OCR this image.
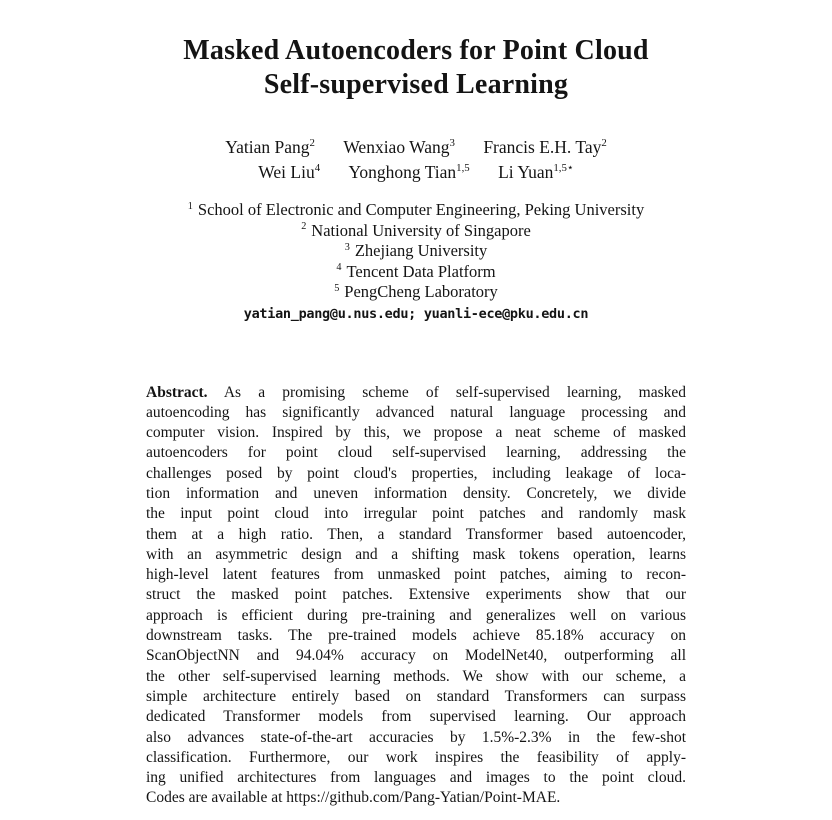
Masked Autoencoders for Point Cloud
Self-supervised Learning
Yatian Pang$^2$ Wenxiao Wang$^3$ Francis E.H. Tay$^2$
Wei Liu$^4$ Yonghong Tian$^{1,5}$ Li Yuan$^{1,5⋆}$
$^1$ School of Electronic and Computer Engineering, Peking University
$^2$ National University of Singapore
$^3$ Zhejiang University
$^4$ Tencent Data Platform
$^5$ PengCheng Laboratory
yatian_pang@u.nus.edu; yuanli-ece@pku.edu.cn
Abstract. As a promising scheme of self-supervised learning, masked
autoencoding has significantly advanced natural language processing and
computer vision. Inspired by this, we propose a neat scheme of masked
autoencoders for point cloud self-supervised learning, addressing the
challenges posed by point cloud's properties, including leakage of loca-
tion information and uneven information density. Concretely, we divide
the input point cloud into irregular point patches and randomly mask
them at a high ratio. Then, a standard Transformer based autoencoder,
with an asymmetric design and a shifting mask tokens operation, learns
high-level latent features from unmasked point patches, aiming to recon-
struct the masked point patches. Extensive experiments show that our
approach is efficient during pre-training and generalizes well on various
downstream tasks. The pre-trained models achieve 85.18% accuracy on
ScanObjectNN and 94.04% accuracy on ModelNet40, outperforming all
the other self-supervised learning methods. We show with our scheme, a
simple architecture entirely based on standard Transformers can surpass
dedicated Transformer models from supervised learning. Our approach
also advances state-of-the-art accuracies by 1.5%-2.3% in the few-shot
classification. Furthermore, our work inspires the feasibility of apply-
ing unified architectures from languages and images to the point cloud.
Codes are available at https://github.com/Pang-Yatian/Point-MAE.
